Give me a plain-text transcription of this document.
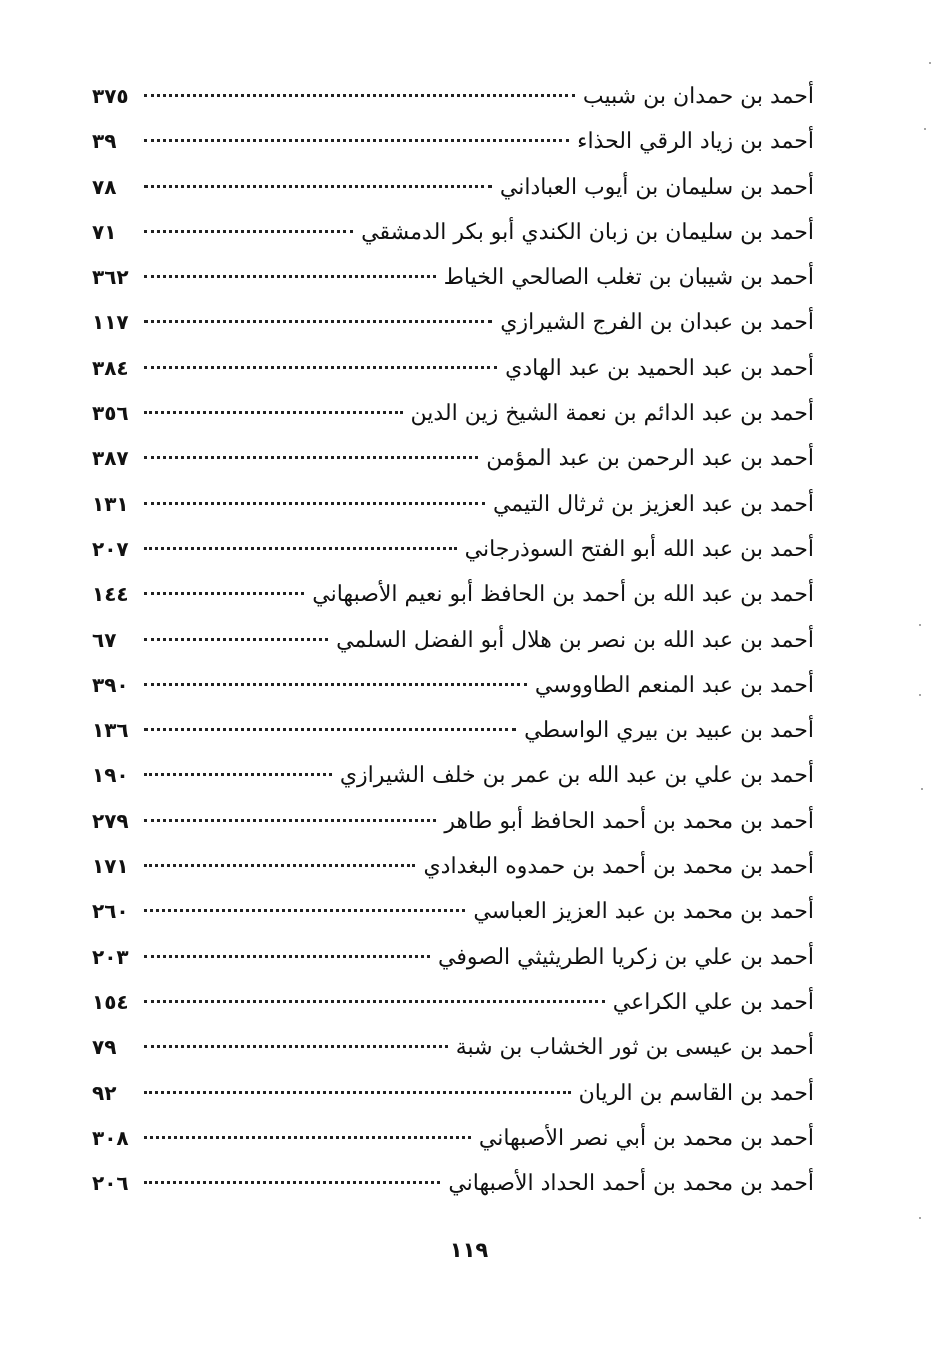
أحمد بن حمدان بن شبيب
٣٧٥
أحمد بن زياد الرقي الحذاء
٣٩
أحمد بن سليمان بن أيوب العباداني
٧٨
أحمد بن سليمان بن زبان الكندي أبو بكر الدمشقي
٧١
أحمد بن شيبان بن تغلب الصالحي الخياط
٣٦٢
أحمد بن عبدان بن الفرج الشيرازي
١١٧
أحمد بن عبد الحميد بن عبد الهادي
٣٨٤
أحمد بن عبد الدائم بن نعمة الشيخ زين الدين
٣٥٦
أحمد بن عبد الرحمن بن عبد المؤمن
٣٨٧
أحمد بن عبد العزيز بن ثرثال التيمي
١٣١
أحمد بن عبد الله أبو الفتح السوذرجاني
٢٠٧
أحمد بن عبد الله بن أحمد بن الحافظ أبو نعيم الأصبهاني
١٤٤
أحمد بن عبد الله بن نصر بن هلال أبو الفضل السلمي
٦٧
أحمد بن عبد المنعم الطاووسي
٣٩٠
أحمد بن عبيد بن بيري الواسطي
١٣٦
أحمد بن علي بن عبد الله بن عمر بن خلف الشيرازي
١٩٠
أحمد بن محمد بن أحمد الحافظ أبو طاهر
٢٧٩
أحمد بن محمد بن أحمد بن حمدوه البغدادي
١٧١
أحمد بن محمد بن عبد العزيز العباسي
٢٦٠
أحمد بن علي بن زكريا الطريثيثي الصوفي
٢٠٣
أحمد بن علي الكراعي
١٥٤
أحمد بن عيسى بن ثور الخشاب بن شبة
٧٩
أحمد بن القاسم بن الريان
٩٢
أحمد بن محمد بن أبي نصر الأصبهاني
٣٠٨
أحمد بن محمد بن أحمد الحداد الأصبهاني
٢٠٦
١١٩
